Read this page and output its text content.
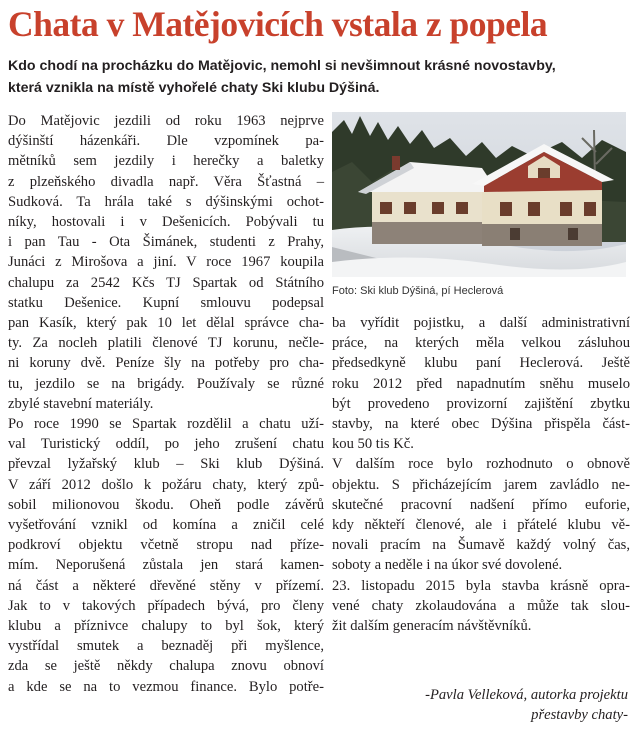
Chata v Matějovicích vstala z popela
Kdo chodí na procházku do Matějovic, nemohl si nevšimnout krásné novostavby,
která vznikla na místě vyhořelé chaty Ski klubu Dýšiná.
Do Matějovic jezdili od roku 1963 nejprve
dýšinští házenkáři. Dle vzpomínek pa-
mětníků sem jezdily i herečky a baletky
z plzeňského divadla např. Věra Šťastná –
Sudková. Ta hrála také s dýšinskými ochot-
níky, hostovali i v Dešenicích. Pobývali tu
i pan Tau - Ota Šimánek, studenti z Prahy,
Junáci z Mirošova a jiní. V roce 1967 koupila
chalupu za 2542 Kčs TJ Spartak od Státního
statku Dešenice. Kupní smlouvu podepsal
pan Kasík, který pak 10 let dělal správce cha-
ty. Za nocleh platili členové TJ korunu, nečle-
ni koruny dvě. Peníze šly na potřeby pro cha-
tu, jezdilo se na brigády. Používaly se různé
zbylé stavební materiály.
Po roce 1990 se Spartak rozdělil a chatu uží-
val Turistický oddíl, po jeho zrušení chatu
převzal lyžařský klub – Ski klub Dýšiná.
V září 2012 došlo k požáru chaty, který způ-
sobil milionovou škodu. Oheň podle závěrů
vyšetřování vznikl od komína a zničil celé
podkroví objektu včetně stropu nad přízе-
mím. Neporušená zůstala jen stará kamen-
ná část a některé dřevěné stěny v přízemí.
Jak to v takových případech bývá, pro členy
klubu a příznivce chalupy to byl šok, který
vystřídal smutek a beznaděj při myšlence,
zda se ještě někdy chalupa znovu obnoví
a kde se na to vezmou finance. Bylo potře-
Foto: Ski klub Dýšiná, pí Heclerová
ba vyřídit pojistku, a další administrativní
práce, na kterých měla velkou zásluhou
předsedkyně klubu paní Heclerová. Ještě
roku 2012 před napadnutím sněhu muselo
být provedeno provizorní zajištění zbytku
stavby, na které obec Dýšina přispěla část-
kou 50 tis Kč.
V dalším roce bylo rozhodnuto o obnově
objektu. S přicházejícím jarem zavládlo ne-
skutečné pracovní nadšení přímo euforie,
kdy někteří členové, ale i přátelé klubu vě-
novali pracím na Šumavě každý volný čas,
soboty a neděle i na úkor své dovolené.
23. listopadu 2015 byla stavba krásně opra-
vené chaty zkolaudována a může tak slou-
žit dalším generacím návštěvníků.
-Pavla Velleková, autorka projektu
přestavby chaty-
